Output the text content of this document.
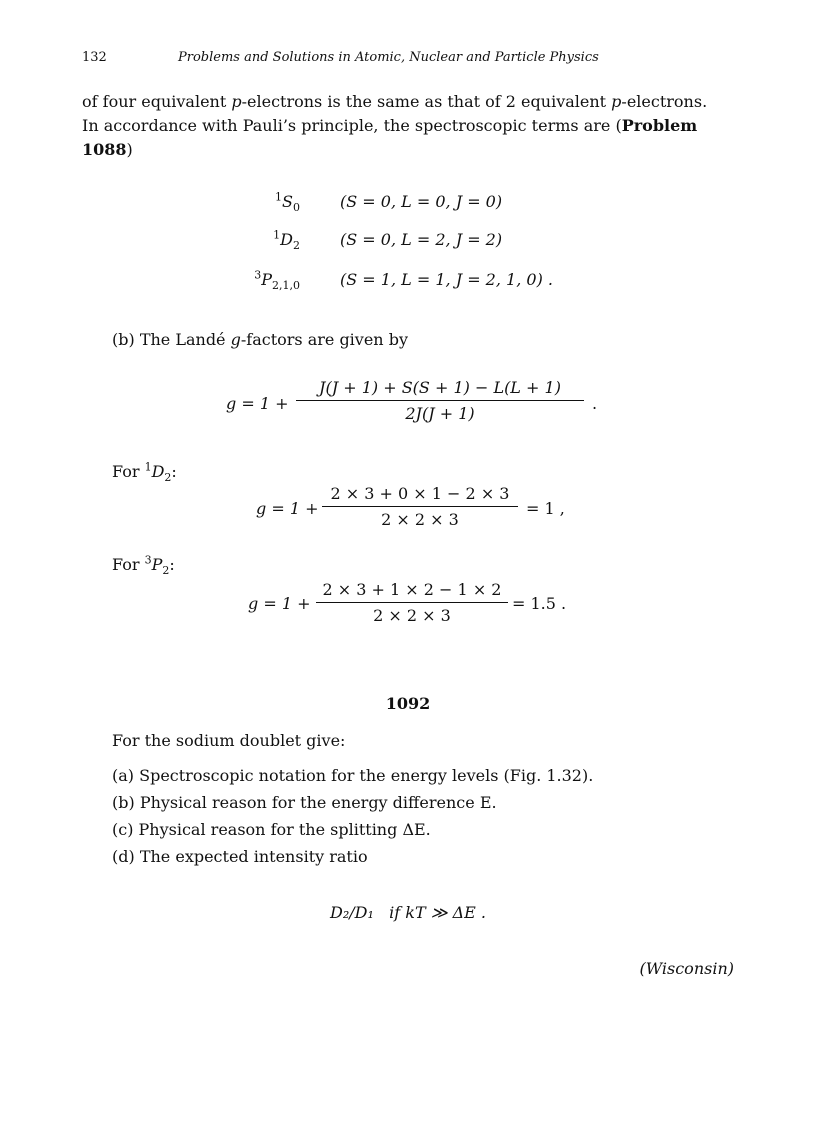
132	Problems and Solutions in Atomic, Nuclear and Particle Physics
of four equivalent p-electrons is the same as that of 2 equivalent p-electrons.
In accordance with Pauli’s principle, the spectroscopic terms are (Problem
1088)
$^1S_0$	(S = 0, L = 0, J = 0)
$^1D_2$	(S = 0, L = 2, J = 2)
$^3P_{2,1,0}$	(S = 1, L = 1, J = 2, 1, 0) .
(b) The Landé g-factors are given by
g = 1 +
J(J + 1) + S(S + 1) − L(L + 1)
2J(J + 1)
.
For $^1D_2$:
g = 1 +
2 × 3 + 0 × 1 − 2 × 3
2 × 2 × 3
= 1 ,
For $^3P_2$:
g = 1 +
2 × 3 + 1 × 2 − 1 × 2
2 × 2 × 3
= 1.5 .
1092
For the sodium doublet give:
(a) Spectroscopic notation for the energy levels (Fig. 1.32).
(b) Physical reason for the energy difference E.
(c) Physical reason for the splitting ΔE.
(d) The expected intensity ratio
D₂/D₁   if kT ≫ ΔE .
(Wisconsin)
